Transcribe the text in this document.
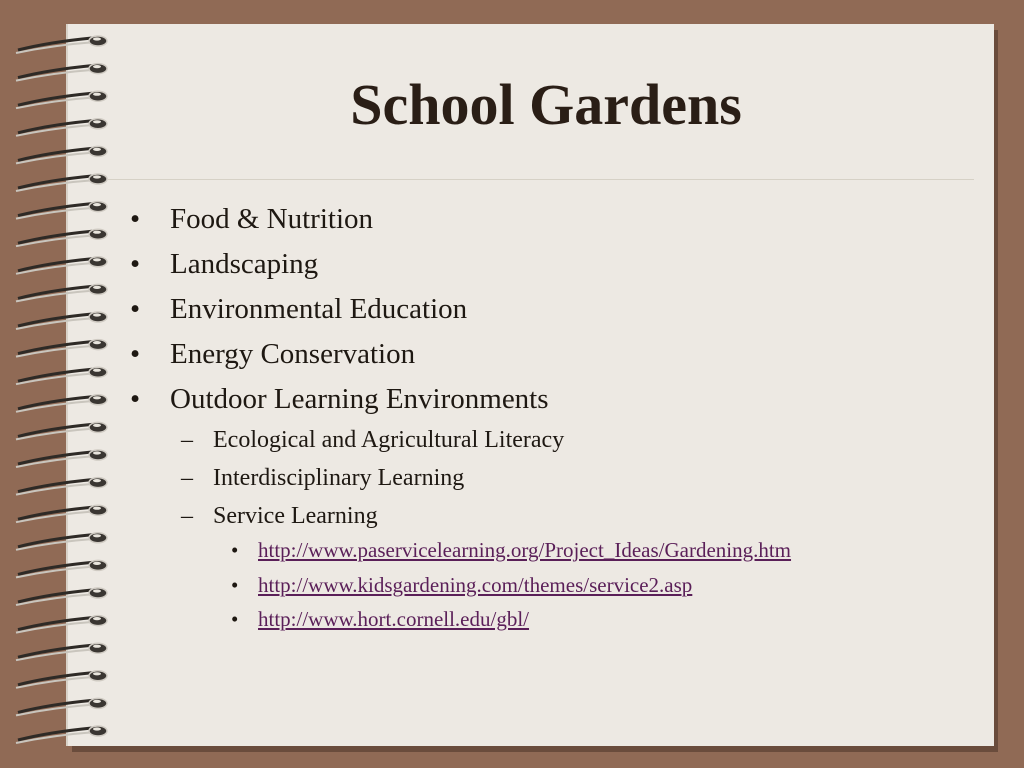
School Gardens
• Food & Nutrition
• Landscaping
• Environmental Education
• Energy Conservation
• Outdoor Learning Environments
– Ecological and Agricultural Literacy
– Interdisciplinary Learning
– Service Learning
• http://www.paservicelearning.org/Project_Ideas/Gardening.htm
• http://www.kidsgardening.com/themes/service2.asp
• http://www.hort.cornell.edu/gbl/
